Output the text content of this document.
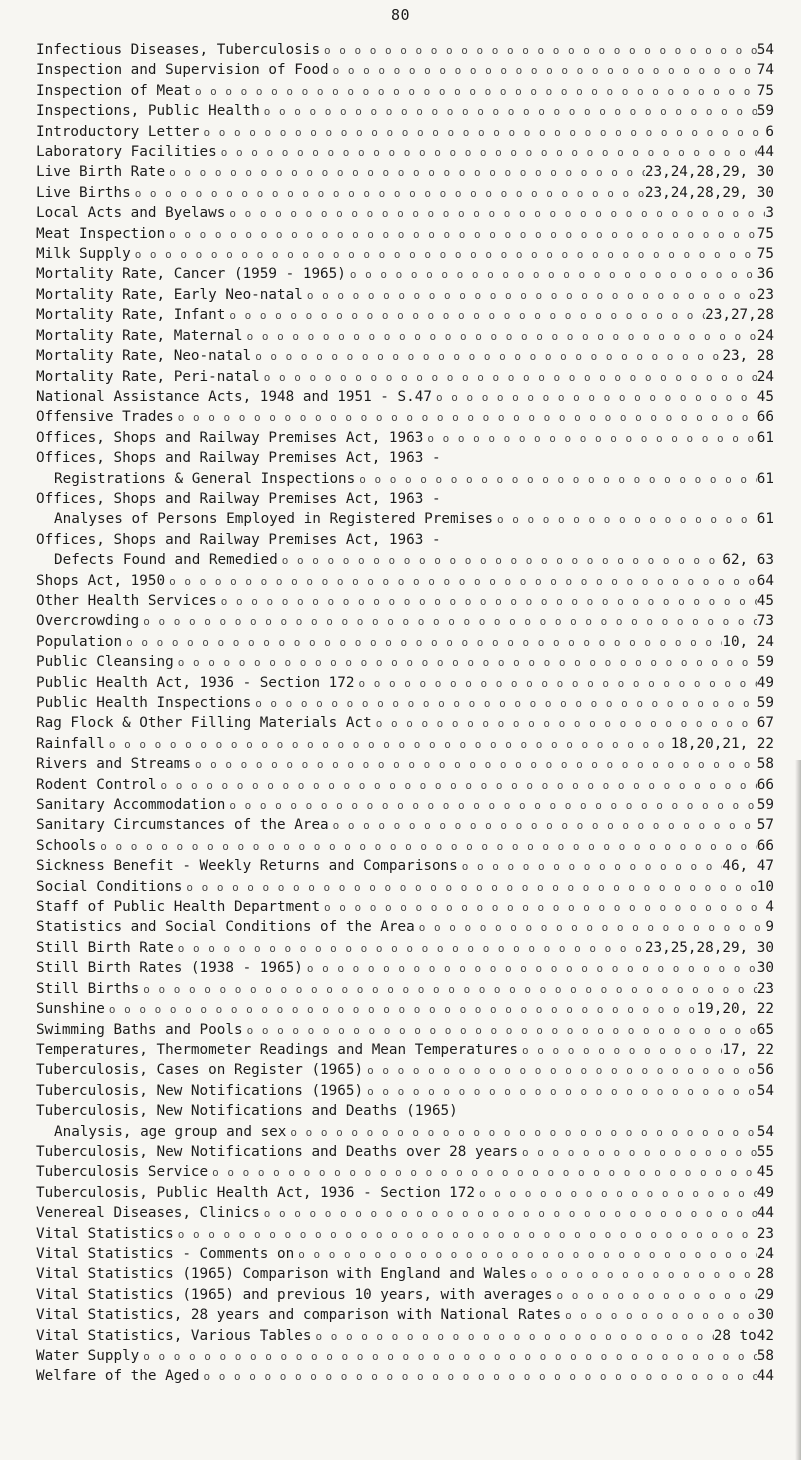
80
Infectious Diseases, Tuberculosis o o o o o o o o o o o o o o o o o o o o o o o o o o o o o o o o o o o o o o o o o o o o o o o o o o o o o o o o o o o o o o o o o o	54
Inspection and Supervision of Food o o o o o o o o o o o o o o o o o o o o o o o o o o o o o o o o o o o o o o o o o o o o o o o o o o o o o o o o o o o o o o o o o o	74
Inspection of Meat o o o o o o o o o o o o o o o o o o o o o o o o o o o o o o o o o o o o o o o o o o o o o o o o o o o o o o o o o o o o o o o o o o	75
Inspections, Public Health o o o o o o o o o o o o o o o o o o o o o o o o o o o o o o o o o o o o o o o o o o o o o o o o o o o o o o o o o o o o o o o o o o	59
Introductory Letter o o o o o o o o o o o o o o o o o o o o o o o o o o o o o o o o o o o o o o o o o o o o o o o o o o o o o o o o o o o o o o o o o o	6
Laboratory Facilities o o o o o o o o o o o o o o o o o o o o o o o o o o o o o o o o o o o o o o o o o o o o o o o o o o o o o o o o o o o o o o o o o o	44
Live Birth Rate o o o o o o o o o o o o o o o o o o o o o o o o o o o o o o o o o o o o o o o o o o o o o o o o o o o o o o o o o o o o o o o o o o	23,24,28,29, 30
Live Births o o o o o o o o o o o o o o o o o o o o o o o o o o o o o o o o o o o o o o o o o o o o o o o o o o o o o o o o o o o o o o o o o o	23,24,28,29, 30
Local Acts and Byelaws o o o o o o o o o o o o o o o o o o o o o o o o o o o o o o o o o o o o o o o o o o o o o o o o o o o o o o o o o o o o o o o o o o	3
Meat Inspection o o o o o o o o o o o o o o o o o o o o o o o o o o o o o o o o o o o o o o o o o o o o o o o o o o o o o o o o o o o o o o o o o o	75
Milk Supply o o o o o o o o o o o o o o o o o o o o o o o o o o o o o o o o o o o o o o o o o o o o o o o o o o o o o o o o o o o o o o o o o o	75
Mortality Rate, Cancer (1959 - 1965) o o o o o o o o o o o o o o o o o o o o o o o o o o o o o o o o o o o o o o o o o o o o o o o o o o o o o o o o o o o o o o o o o o	36
Mortality Rate, Early Neo-natal o o o o o o o o o o o o o o o o o o o o o o o o o o o o o o o o o o o o o o o o o o o o o o o o o o o o o o o o o o o o o o o o o o	23
Mortality Rate, Infant o o o o o o o o o o o o o o o o o o o o o o o o o o o o o o o o o o o o o o o o o o o o o o o o o o o o o o o o o o o o o o o o o o	23,27,28
Mortality Rate, Maternal o o o o o o o o o o o o o o o o o o o o o o o o o o o o o o o o o o o o o o o o o o o o o o o o o o o o o o o o o o o o o o o o o o	24
Mortality Rate, Neo-natal o o o o o o o o o o o o o o o o o o o o o o o o o o o o o o o o o o o o o o o o o o o o o o o o o o o o o o o o o o o o o o o o o o	23, 28
Mortality Rate, Peri-natal o o o o o o o o o o o o o o o o o o o o o o o o o o o o o o o o o o o o o o o o o o o o o o o o o o o o o o o o o o o o o o o o o o	24
National Assistance Acts, 1948 and 1951 - S.47 o o o o o o o o o o o o o o o o o o o o o o o o o o o o o o o o o o o o o o o o o o o o o o o o o o o o o o o o o o o o o o o o o o	45
Offensive Trades o o o o o o o o o o o o o o o o o o o o o o o o o o o o o o o o o o o o o o o o o o o o o o o o o o o o o o o o o o o o o o o o o o	66
Offices, Shops and Railway Premises Act, 1963 o o o o o o o o o o o o o o o o o o o o o o o o o o o o o o o o o o o o o o o o o o o o o o o o o o o o o o o o o o o o o o o o o o	61
Offices, Shops and Railway Premises Act, 1963 -
Registrations & General Inspections o o o o o o o o o o o o o o o o o o o o o o o o o o o o o o o o o o o o o o o o o o o o o o o o o o o o o o o o o o o o o o o o o o	61
Offices, Shops and Railway Premises Act, 1963 -
Analyses of Persons Employed in Registered Premises o o o o o o o o o o o o o o o o o o o o o o o o o o o o o o o o o o o o o o o o o o o o o o o o o o o o o o o o o o o o o o o o o o	61
Offices, Shops and Railway Premises Act, 1963 -
Defects Found and Remedied o o o o o o o o o o o o o o o o o o o o o o o o o o o o o o o o o o o o o o o o o o o o o o o o o o o o o o o o o o o o o o o o o o	62, 63
Shops Act, 1950 o o o o o o o o o o o o o o o o o o o o o o o o o o o o o o o o o o o o o o o o o o o o o o o o o o o o o o o o o o o o o o o o o o	64
Other Health Services o o o o o o o o o o o o o o o o o o o o o o o o o o o o o o o o o o o o o o o o o o o o o o o o o o o o o o o o o o o o o o o o o o	45
Overcrowding o o o o o o o o o o o o o o o o o o o o o o o o o o o o o o o o o o o o o o o o o o o o o o o o o o o o o o o o o o o o o o o o o o	73
Population o o o o o o o o o o o o o o o o o o o o o o o o o o o o o o o o o o o o o o o o o o o o o o o o o o o o o o o o o o o o o o o o o o	10, 24
Public Cleansing o o o o o o o o o o o o o o o o o o o o o o o o o o o o o o o o o o o o o o o o o o o o o o o o o o o o o o o o o o o o o o o o o o	59
Public Health Act, 1936 - Section 172 o o o o o o o o o o o o o o o o o o o o o o o o o o o o o o o o o o o o o o o o o o o o o o o o o o o o o o o o o o o o o o o o o o	49
Public Health Inspections o o o o o o o o o o o o o o o o o o o o o o o o o o o o o o o o o o o o o o o o o o o o o o o o o o o o o o o o o o o o o o o o o o	59
Rag Flock & Other Filling Materials Act o o o o o o o o o o o o o o o o o o o o o o o o o o o o o o o o o o o o o o o o o o o o o o o o o o o o o o o o o o o o o o o o o o	67
Rainfall o o o o o o o o o o o o o o o o o o o o o o o o o o o o o o o o o o o o o o o o o o o o o o o o o o o o o o o o o o o o o o o o o o	18,20,21, 22
Rivers and Streams o o o o o o o o o o o o o o o o o o o o o o o o o o o o o o o o o o o o o o o o o o o o o o o o o o o o o o o o o o o o o o o o o o	58
Rodent Control o o o o o o o o o o o o o o o o o o o o o o o o o o o o o o o o o o o o o o o o o o o o o o o o o o o o o o o o o o o o o o o o o o	66
Sanitary Accommodation o o o o o o o o o o o o o o o o o o o o o o o o o o o o o o o o o o o o o o o o o o o o o o o o o o o o o o o o o o o o o o o o o o	59
Sanitary Circumstances of the Area o o o o o o o o o o o o o o o o o o o o o o o o o o o o o o o o o o o o o o o o o o o o o o o o o o o o o o o o o o o o o o o o o o	57
Schools o o o o o o o o o o o o o o o o o o o o o o o o o o o o o o o o o o o o o o o o o o o o o o o o o o o o o o o o o o o o o o o o o o	66
Sickness Benefit - Weekly Returns and Comparisons o o o o o o o o o o o o o o o o o o o o o o o o o o o o o o o o o o o o o o o o o o o o o o o o o o o o o o o o o o o o o o o o o o	46, 47
Social Conditions o o o o o o o o o o o o o o o o o o o o o o o o o o o o o o o o o o o o o o o o o o o o o o o o o o o o o o o o o o o o o o o o o o	10
Staff of Public Health Department o o o o o o o o o o o o o o o o o o o o o o o o o o o o o o o o o o o o o o o o o o o o o o o o o o o o o o o o o o o o o o o o o o	4
Statistics and Social Conditions of the Area o o o o o o o o o o o o o o o o o o o o o o o o o o o o o o o o o o o o o o o o o o o o o o o o o o o o o o o o o o o o o o o o o o	9
Still Birth Rate o o o o o o o o o o o o o o o o o o o o o o o o o o o o o o o o o o o o o o o o o o o o o o o o o o o o o o o o o o o o o o o o o o	23,25,28,29, 30
Still Birth Rates (1938 - 1965) o o o o o o o o o o o o o o o o o o o o o o o o o o o o o o o o o o o o o o o o o o o o o o o o o o o o o o o o o o o o o o o o o o	30
Still Births o o o o o o o o o o o o o o o o o o o o o o o o o o o o o o o o o o o o o o o o o o o o o o o o o o o o o o o o o o o o o o o o o o	23
Sunshine o o o o o o o o o o o o o o o o o o o o o o o o o o o o o o o o o o o o o o o o o o o o o o o o o o o o o o o o o o o o o o o o o o	19,20, 22
Swimming Baths and Pools o o o o o o o o o o o o o o o o o o o o o o o o o o o o o o o o o o o o o o o o o o o o o o o o o o o o o o o o o o o o o o o o o o	65
Temperatures, Thermometer Readings and Mean Temperatures o o o o o o o o o o o o o o o o o o o o o o o o o o o o o o o o o o o o o o o o o o o o o o o o o o o o o o o o o o o o o o o o o o	17, 22
Tuberculosis, Cases on Register (1965) o o o o o o o o o o o o o o o o o o o o o o o o o o o o o o o o o o o o o o o o o o o o o o o o o o o o o o o o o o o o o o o o o o	56
Tuberculosis, New Notifications (1965) o o o o o o o o o o o o o o o o o o o o o o o o o o o o o o o o o o o o o o o o o o o o o o o o o o o o o o o o o o o o o o o o o o	54
Tuberculosis, New Notifications and Deaths (1965)
Analysis, age group and sex o o o o o o o o o o o o o o o o o o o o o o o o o o o o o o o o o o o o o o o o o o o o o o o o o o o o o o o o o o o o o o o o o o	54
Tuberculosis, New Notifications and Deaths over 28 years o o o o o o o o o o o o o o o o o o o o o o o o o o o o o o o o o o o o o o o o o o o o o o o o o o o o o o o o o o o o o o o o o o	55
Tuberculosis Service o o o o o o o o o o o o o o o o o o o o o o o o o o o o o o o o o o o o o o o o o o o o o o o o o o o o o o o o o o o o o o o o o o	45
Tuberculosis, Public Health Act, 1936 - Section 172 o o o o o o o o o o o o o o o o o o o o o o o o o o o o o o o o o o o o o o o o o o o o o o o o o o o o o o o o o o o o o o o o o o	49
Venereal Diseases, Clinics o o o o o o o o o o o o o o o o o o o o o o o o o o o o o o o o o o o o o o o o o o o o o o o o o o o o o o o o o o o o o o o o o o	44
Vital Statistics o o o o o o o o o o o o o o o o o o o o o o o o o o o o o o o o o o o o o o o o o o o o o o o o o o o o o o o o o o o o o o o o o o	23
Vital Statistics - Comments on o o o o o o o o o o o o o o o o o o o o o o o o o o o o o o o o o o o o o o o o o o o o o o o o o o o o o o o o o o o o o o o o o o	24
Vital Statistics (1965) Comparison with England and Wales o o o o o o o o o o o o o o o o o o o o o o o o o o o o o o o o o o o o o o o o o o o o o o o o o o o o o o o o o o o o o o o o o o	28
Vital Statistics (1965) and previous 10 years, with averages o o o o o o o o o o o o o o o o o o o o o o o o o o o o o o o o o o o o o o o o o o o o o o o o o o o o o o o o o o o o o o o o o o	29
Vital Statistics, 28 years and comparison with National Rates o o o o o o o o o o o o o o o o o o o o o o o o o o o o o o o o o o o o o o o o o o o o o o o o o o o o o o o o o o o o o o o o o o	30
Vital Statistics, Various Tables o o o o o o o o o o o o o o o o o o o o o o o o o o o o o o o o o o o o o o o o o o o o o o o o o o o o o o o o o o o o o o o o o o	28 to42
Water Supply o o o o o o o o o o o o o o o o o o o o o o o o o o o o o o o o o o o o o o o o o o o o o o o o o o o o o o o o o o o o o o o o o o	58
Welfare of the Aged o o o o o o o o o o o o o o o o o o o o o o o o o o o o o o o o o o o o o o o o o o o o o o o o o o o o o o o o o o o o o o o o o o	44
